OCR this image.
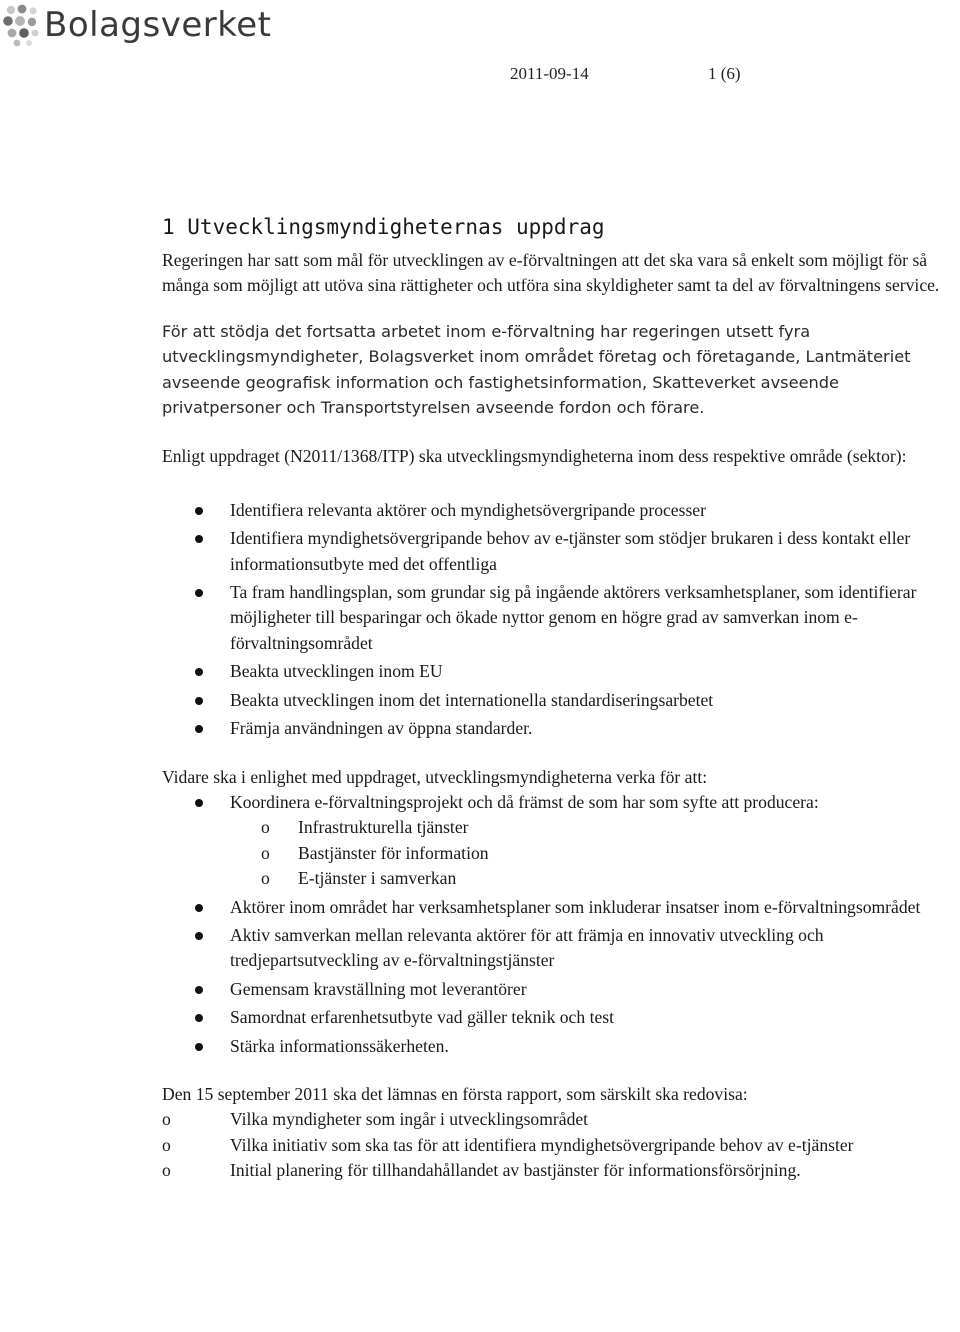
Bolagsverket
2011-09-14	1 (6)
1 Utvecklingsmyndigheternas uppdrag

Regeringen har satt som mål för utvecklingen av e-förvaltningen att det ska vara så enkelt som möjligt för så många som möjligt att utöva sina rättigheter och utföra sina skyldigheter samt ta del av förvaltningens service.

För att stödja det fortsatta arbetet inom e-förvaltning har regeringen utsett fyra utvecklingsmyndigheter, Bolagsverket inom området företag och företagande, Lantmäteriet avseende geografisk information och fastighetsinformation, Skatteverket avseende privatpersoner och Transportstyrelsen avseende fordon och förare.

Enligt uppdraget (N2011/1368/ITP) ska utvecklingsmyndigheterna inom dess respektive område (sektor):

Identifiera relevanta aktörer och myndighetsövergripande processer
Identifiera myndighetsövergripande behov av e-tjänster som stödjer brukaren i dess kontakt eller informationsutbyte med det offentliga
Ta fram handlingsplan, som grundar sig på ingående aktörers verksamhetsplaner, som identifierar möjligheter till besparingar och ökade nyttor genom en högre grad av samverkan inom e-förvaltningsområdet
Beakta utvecklingen inom EU
Beakta utvecklingen inom det internationella standardiseringsarbetet
Främja användningen av öppna standarder.

Vidare ska i enlighet med uppdraget, utvecklingsmyndigheterna verka för att:

Koordinera e-förvaltningsprojekt och då främst de som har som syfte att producera:
o Infrastrukturella tjänster
o Bastjänster för information
o E-tjänster i samverkan
Aktörer inom området har verksamhetsplaner som inkluderar insatser inom e-förvaltningsområdet
Aktiv samverkan mellan relevanta aktörer för att främja en innovativ utveckling och tredjepartsutveckling av e-förvaltningstjänster
Gemensam kravställning mot leverantörer
Samordnat erfarenhetsutbyte vad gäller teknik och test
Stärka informationssäkerheten.

Den 15 september 2011 ska det lämnas en första rapport, som särskilt ska redovisa:

o Vilka myndigheter som ingår i utvecklingsområdet
o Vilka initiativ som ska tas för att identifiera myndighetsövergripande behov av e-tjänster
o Initial planering för tillhandahållandet av bastjänster för informationsförsörjning.
